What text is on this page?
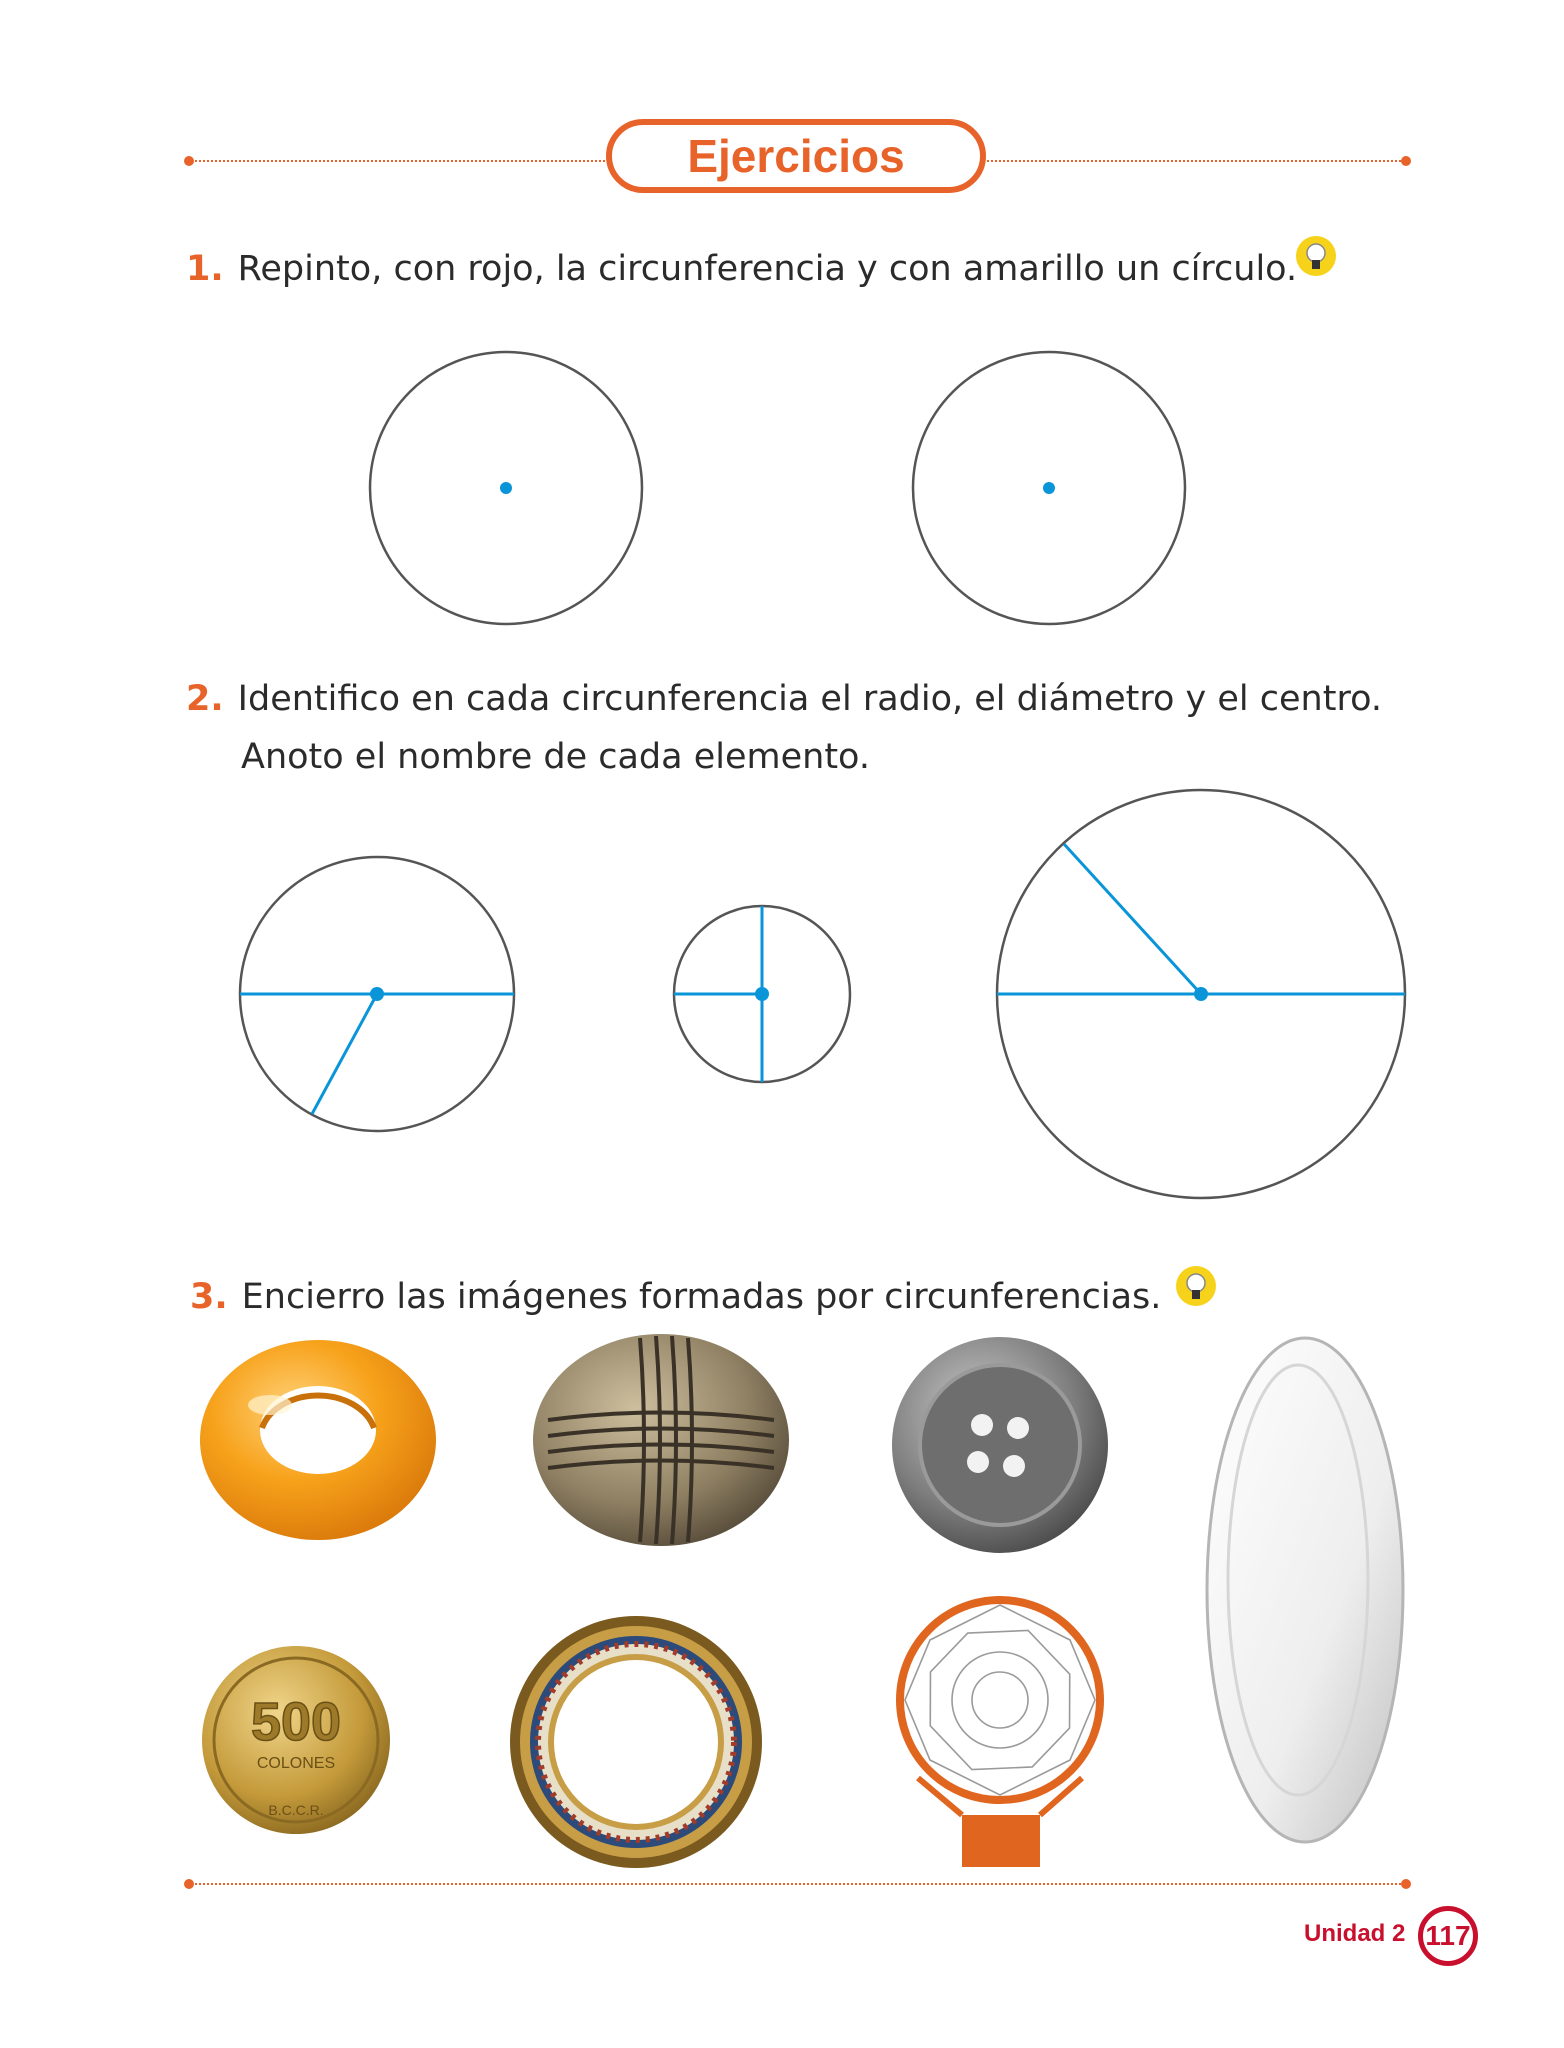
Ejercicios
1. Repinto, con rojo, la circunferencia y con amarillo un círculo.
2. Identifico en cada circunferencia el radio, el diámetro y el centro.
Anoto el nombre de cada elemento.
3. Encierro las imágenes formadas por circunferencias.
500
COLONES
B.C.C.R.
Unidad 2 117
